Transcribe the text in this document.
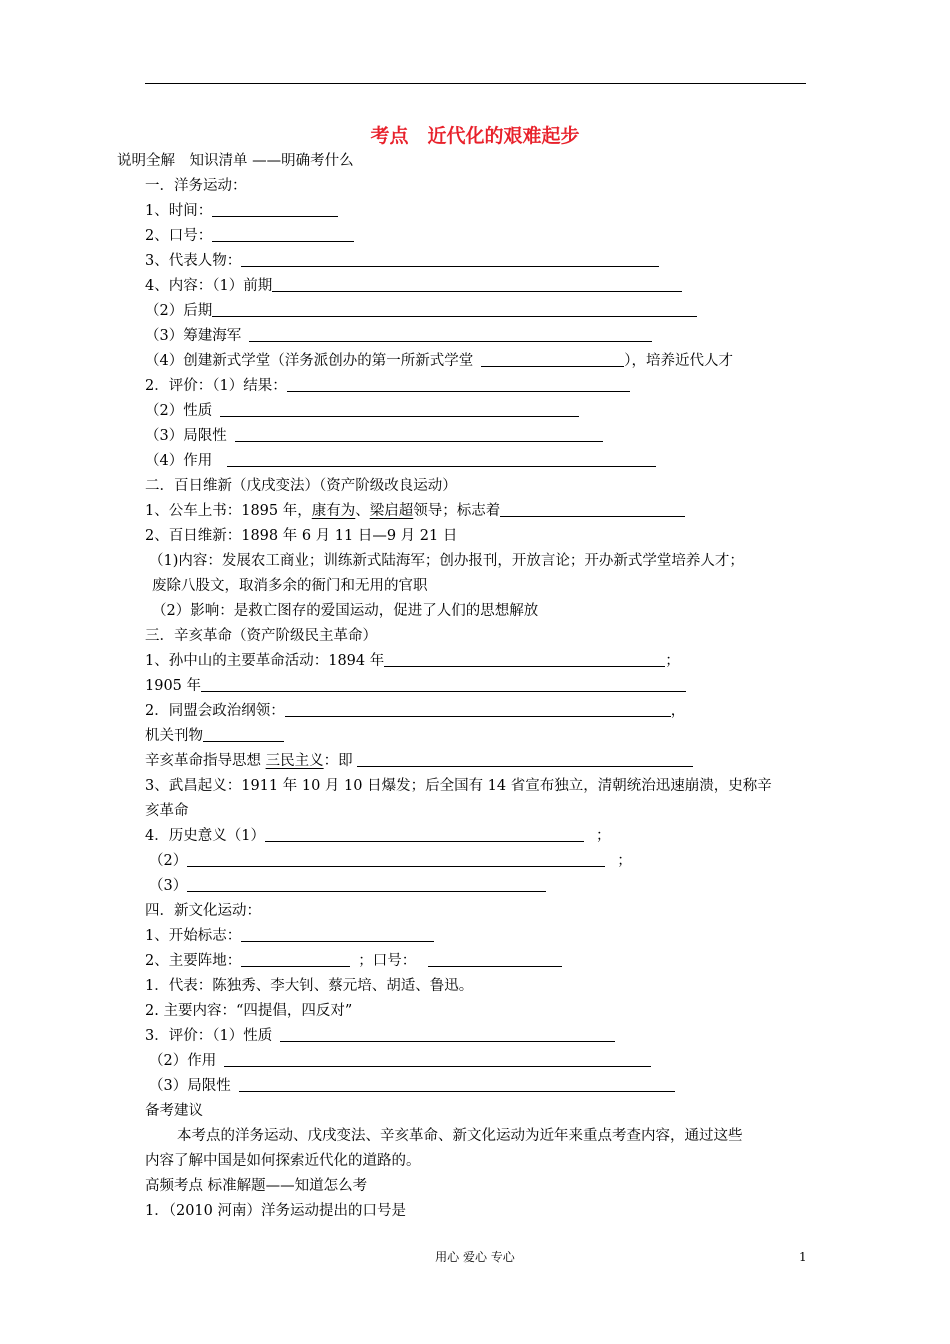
考点　近代化的艰难起步
说明全解　知识清单 ——明确考什么
一．洋务运动：
1、时间：
2、口号：
3、代表人物：
4、内容：（1）前期
（2）后期
（3）筹建海军
（4）创建新式学堂（洋务派创办的第一所新式学堂	），培养近代人才
2．评价：（1）结果：
（2）性质
（3）局限性
（4）作用
二．百日维新（戊戌变法）（资产阶级改良运动）
1、公车上书：1895 年，康有为、梁启超领导；标志着
2、百日维新：1898 年 6 月 11 日—9 月 21 日
（1)内容：发展农工商业；训练新式陆海军；创办报刊，开放言论；开办新式学堂培养人才；
废除八股文，取消多余的衙门和无用的官职
（2）影响：是救亡图存的爱国运动，促进了人们的思想解放
三．辛亥革命（资产阶级民主革命）
1、孙中山的主要革命活动：1894 年	；
1905 年
2．同盟会政治纲领：	，
机关刊物
辛亥革命指导思想 三民主义：即
3、武昌起义：1911 年 10 月 10 日爆发；后全国有 14 省宣布独立，清朝统治迅速崩溃，史称辛
亥革命
4．历史意义（1）	；
（2）	；
（3）
四．新文化运动：
1、开始标志：
2、主要阵地：	；口号：
1．代表：陈独秀、李大钊、蔡元培、胡适、鲁迅。
2. 主要内容：“四提倡，四反对”
3．评价：（1）性质
（2）作用
（3）局限性
备考建议
本考点的洋务运动、戊戌变法、辛亥革命、新文化运动为近年来重点考查内容，通过这些
内容了解中国是如何探索近代化的道路的。
高频考点 标准解题——知道怎么考
1．（2010 河南）洋务运动提出的口号是
用心 爱心 专心	1
